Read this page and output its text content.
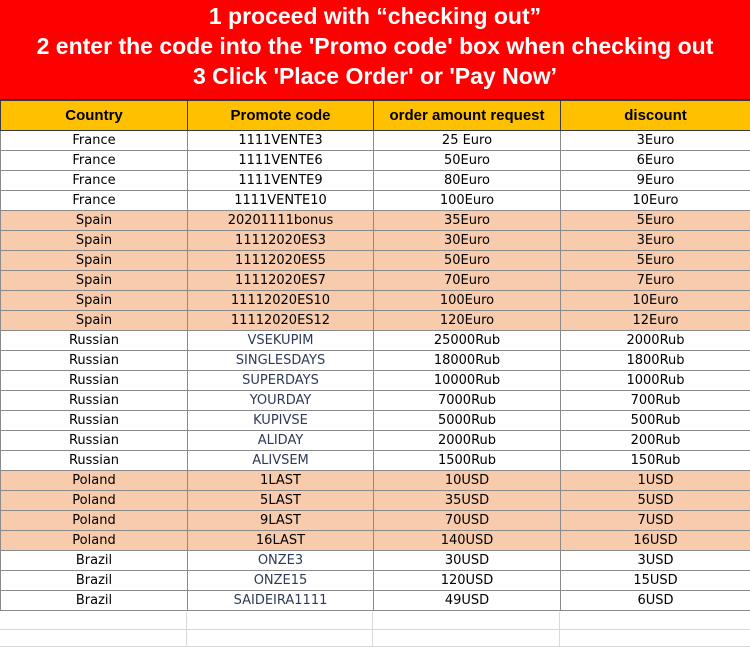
1 proceed with “checking out”
2 enter the code into the 'Promo code' box when checking out
3 Click 'Place Order' or 'Pay Now’
Country	Promote code	order amount request	discount
France	1111VENTE3	25 Euro	3Euro
France	1111VENTE6	50Euro	6Euro
France	1111VENTE9	80Euro	9Euro
France	1111VENTE10	100Euro	10Euro
Spain	20201111bonus	35Euro	5Euro
Spain	11112020ES3	30Euro	3Euro
Spain	11112020ES5	50Euro	5Euro
Spain	11112020ES7	70Euro	7Euro
Spain	11112020ES10	100Euro	10Euro
Spain	11112020ES12	120Euro	12Euro
Russian	VSEKUPIM	25000Rub	2000Rub
Russian	SINGLESDAYS	18000Rub	1800Rub
Russian	SUPERDAYS	10000Rub	1000Rub
Russian	YOURDAY	7000Rub	700Rub
Russian	KUPIVSE	5000Rub	500Rub
Russian	ALIDAY	2000Rub	200Rub
Russian	ALIVSEM	1500Rub	150Rub
Poland	1LAST	10USD	1USD
Poland	5LAST	35USD	5USD
Poland	9LAST	70USD	7USD
Poland	16LAST	140USD	16USD
Brazil	ONZE3	30USD	3USD
Brazil	ONZE15	120USD	15USD
Brazil	SAIDEIRA1111	49USD	6USD
